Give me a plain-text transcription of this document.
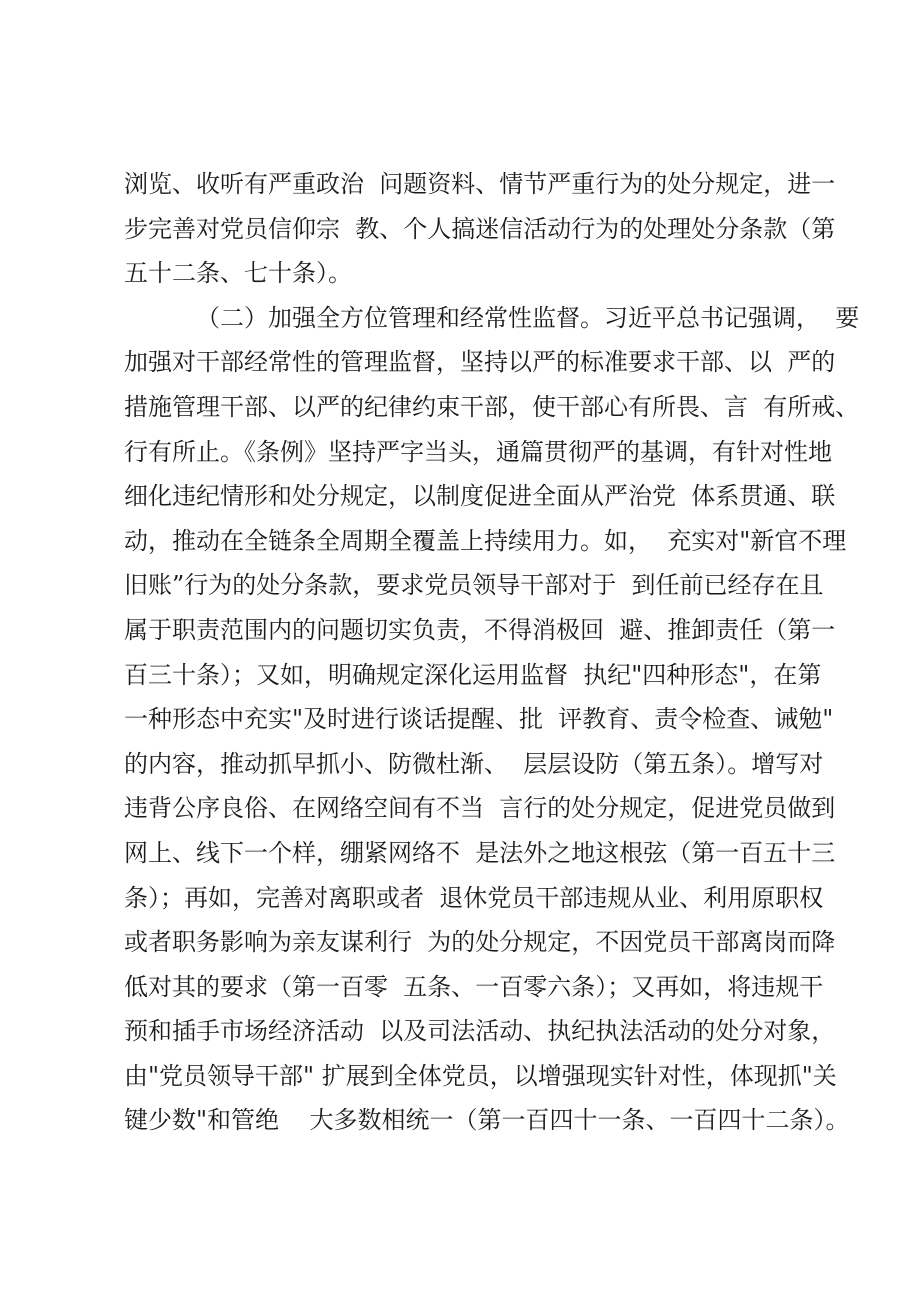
浏览、收听有严重政治  问题资料、情节严重行为的处分规定，进一
步完善对党员信仰宗  教、个人搞迷信活动行为的处理处分条款（第
五十二条、七十条）。
（二）加强全方位管理和经常性监督。习近平总书记强调，  要
加强对干部经常性的管理监督，坚持以严的标准要求干部、以  严的
措施管理干部、以严的纪律约束干部，使干部心有所畏、言  有所戒、
行有所止。《条例》坚持严字当头，通篇贯彻严的基调，有针对性地
细化违纪情形和处分规定，以制度促进全面从严治党  体系贯通、联
动，推动在全链条全周期全覆盖上持续用力。如，  充实对"新官不理
旧账”行为的处分条款，要求党员领导干部对于  到任前已经存在且
属于职责范围内的问题切实负责，不得消极回  避、推卸责任（第一
百三十条）；又如，明确规定深化运用监督  执纪"四种形态"，在第
一种形态中充实"及时进行谈话提醒、批  评教育、责令检查、诫勉"
的内容，推动抓早抓小、防微杜渐、  层层设防（第五条）。增写对
违背公序良俗、在网络空间有不当  言行的处分规定，促进党员做到
网上、线下一个样，绷紧网络不  是法外之地这根弦（第一百五十三
条）；再如，完善对离职或者  退休党员干部违规从业、利用原职权
或者职务影响为亲友谋利行  为的处分规定，不因党员干部离岗而降
低对其的要求（第一百零  五条、一百零六条）；又再如，将违规干
预和插手市场经济活动  以及司法活动、执纪执法活动的处分对象，
由"党员领导干部" 扩展到全体党员，以增强现实针对性，体现抓"关
键少数"和管绝    大多数相统一（第一百四十一条、一百四十二条）。
